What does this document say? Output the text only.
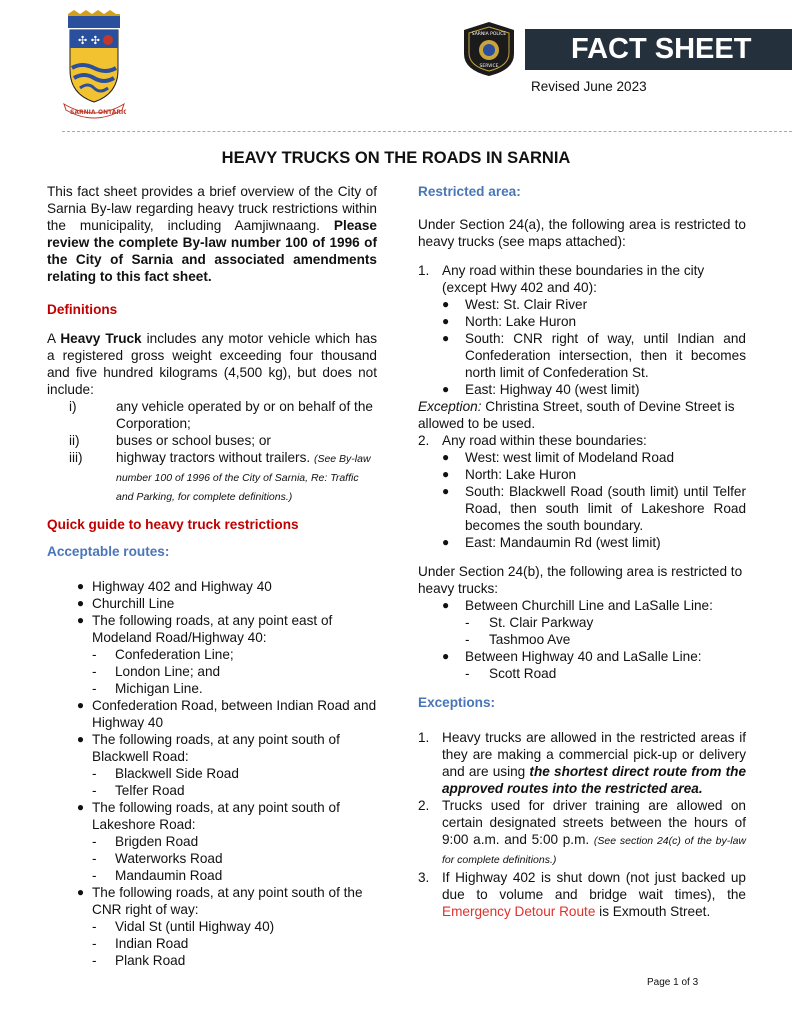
✣ ✣
SARNIA ONTARIO
SARNIA POLICE
SERVICE
FACT SHEET
Revised June 2023
HEAVY TRUCKS ON THE ROADS IN SARNIA

This fact sheet provides a brief overview of the City of Sarnia By-law regarding heavy truck restrictions within the municipality, including Aamjiwnaang. Please review the complete By-law number 100 of 1996 of the City of Sarnia and associated amendments relating to this fact sheet.

Definitions

A Heavy Truck includes any motor vehicle which has a registered gross weight exceeding four thousand and five hundred kilograms (4,500 kg), but does not include:

i)	any vehicle operated by or on behalf of the Corporation;
ii)	buses or school buses; or
iii)	highway tractors without trailers. (See By-law number 100 of 1996 of the City of Sarnia, Re: Traffic and Parking, for complete definitions.)

Quick guide to heavy truck restrictions

Acceptable routes:

● Highway 402 and Highway 40
● Churchill Line
● The following roads, at any point east of Modeland Road/Highway 40:
-	Confederation Line;
-	London Line; and
-	Michigan Line.
● Confederation Road, between Indian Road and Highway 40
● The following roads, at any point south of Blackwell Road:
-	Blackwell Side Road
-	Telfer Road
● The following roads, at any point south of Lakeshore Road:
-	Brigden Road
-	Waterworks Road
-	Mandaumin Road
● The following roads, at any point south of the CNR right of way:
-	Vidal St (until Highway 40)
-	Indian Road
-	Plank Road

Restricted area:

Under Section 24(a), the following area is restricted to heavy trucks (see maps attached):

1. Any road within these boundaries in the city (except Hwy 402 and 40):
●	West: St. Clair River
●	North: Lake Huron
●	South: CNR right of way, until Indian and Confederation intersection, then it becomes north limit of Confederation St.
●	East: Highway 40 (west limit)

Exception: Christina Street, south of Devine Street is allowed to be used.

2. Any road within these boundaries:
●	West: west limit of Modeland Road
●	North: Lake Huron
●	South: Blackwell Road (south limit) until Telfer Road, then south limit of Lakeshore Road becomes the south boundary.
●	East: Mandaumin Rd (west limit)

Under Section 24(b), the following area is restricted to heavy trucks:

●	Between Churchill Line and LaSalle Line:
-	St. Clair Parkway
-	Tashmoo Ave
●	Between Highway 40 and LaSalle Line:
-	Scott Road

Exceptions:

1. Heavy trucks are allowed in the restricted areas if they are making a commercial pick-up or delivery and are using the shortest direct route from the approved routes into the restricted area.
2. Trucks used for driver training are allowed on certain designated streets between the hours of 9:00 a.m. and 5:00 p.m. (See section 24(c) of the by-law for complete definitions.)
3. If Highway 402 is shut down (not just backed up due to volume and bridge wait times), the Emergency Detour Route is Exmouth Street.
Page 1 of 3
